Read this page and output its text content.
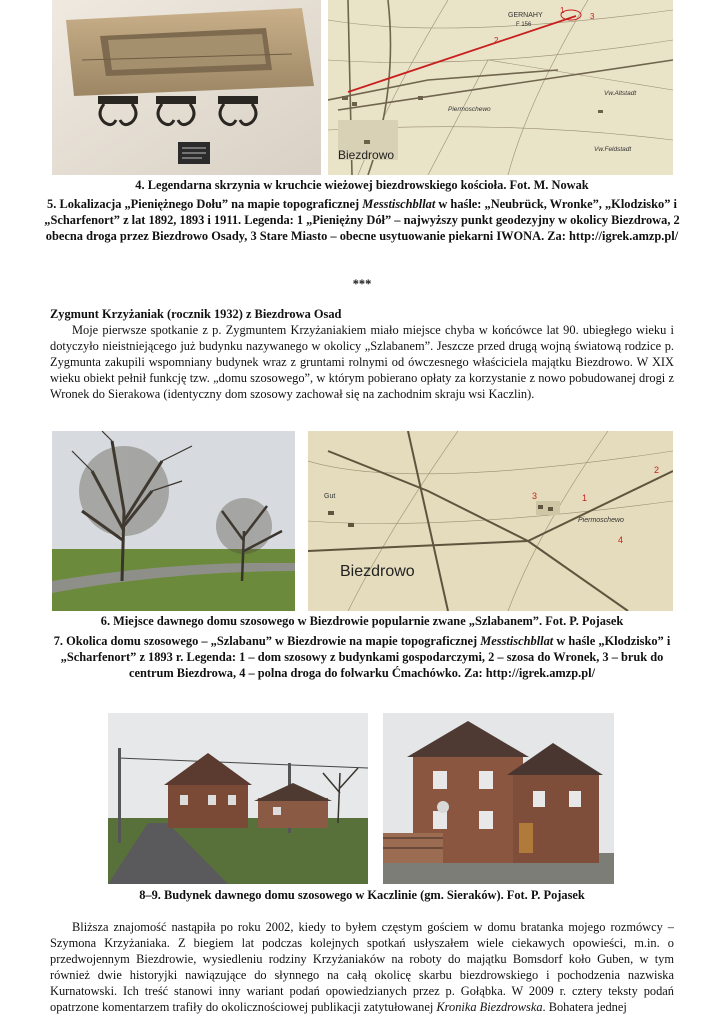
GERNAHY
F 156
Biezdrowo
Vw.Altstadt
Vw.Feldstadt
Piermoschewo
1
2
3
4. Legendarna skrzynia w kruchcie wieżowej biezdrowskiego kościoła. Fot. M. Nowak
5. Lokalizacja „Pieniężnego Dołu” na mapie topograficznej Messtischbllat w haśle: „Neubrück, Wronke”, „Klodzisko” i „Scharfenort” z lat 1892, 1893 i 1911. Legenda: 1 „Pieniężny Dół” – najwyższy punkt geodezyjny w okolicy Biezdrowa, 2 obecna droga przez Biezdrowo Osady, 3 Stare Miasto – obecne usytuowanie piekarni IWONA. Za: http://igrek.amzp.pl/
***
Zygmunt Krzyżaniak (rocznik 1932) z Biezdrowa Osad
Moje pierwsze spotkanie z p. Zygmuntem Krzyżaniakiem miało miejsce chyba w końcówce lat 90. ubiegłego wieku i dotyczyło nieistniejącego już budynku nazywanego w okolicy „Szlabanem”. Jeszcze przed drugą wojną światową rodzice p. Zygmunta zakupili wspomniany budynek wraz z gruntami rolnymi od ówczesnego właściciela majątku Biezdrowo. W XIX wieku obiekt pełnił funkcję tzw. „domu szosowego”, w którym pobierano opłaty za korzystanie z nowo pobudowanej drogi z Wronek do Sierakowa (identyczny dom szosowy zachował się na zachodnim skraju wsi Kaczlin).
Gut
Piermoschewo
Biezdrowo
1
2
3
4
6. Miejsce dawnego domu szosowego w Biezdrowie popularnie zwane „Szlabanem”. Fot. P. Pojasek
7. Okolica domu szosowego – „Szlabanu” w Biezdrowie na mapie topograficznej Messtischbllat w haśle „Klodzisko” i „Scharfenort” z 1893 r. Legenda: 1 – dom szosowy z budynkami gospodarczymi, 2 – szosa do Wronek, 3 – bruk do centrum Biezdrowa, 4 – polna droga do folwarku Ćmachówko. Za: http://igrek.amzp.pl/
8–9. Budynek dawnego domu szosowego w Kaczlinie (gm. Sieraków). Fot. P. Pojasek
Bliższa znajomość nastąpiła po roku 2002, kiedy to byłem częstym gościem w domu bratanka mojego rozmówcy – Szymona Krzyżaniaka. Z biegiem lat podczas kolejnych spotkań usłyszałem wiele ciekawych opowieści, m.in. o przedwojennym Biezdrowie, wysiedleniu rodziny Krzyżaniaków na roboty do majątku Bomsdorf koło Guben, w tym również dwie historyjki nawiązujące do słynnego na całą okolicę skarbu biezdrowskiego i pochodzenia nazwiska Kurnatowski. Ich treść stanowi inny wariant podań opowiedzianych przez p. Gołąbka. W 2009 r. cztery teksty podań opatrzone komentarzem trafiły do okolicznościowej publikacji zatytułowanej Kronika Biezdrowska. Bohatera jednej
